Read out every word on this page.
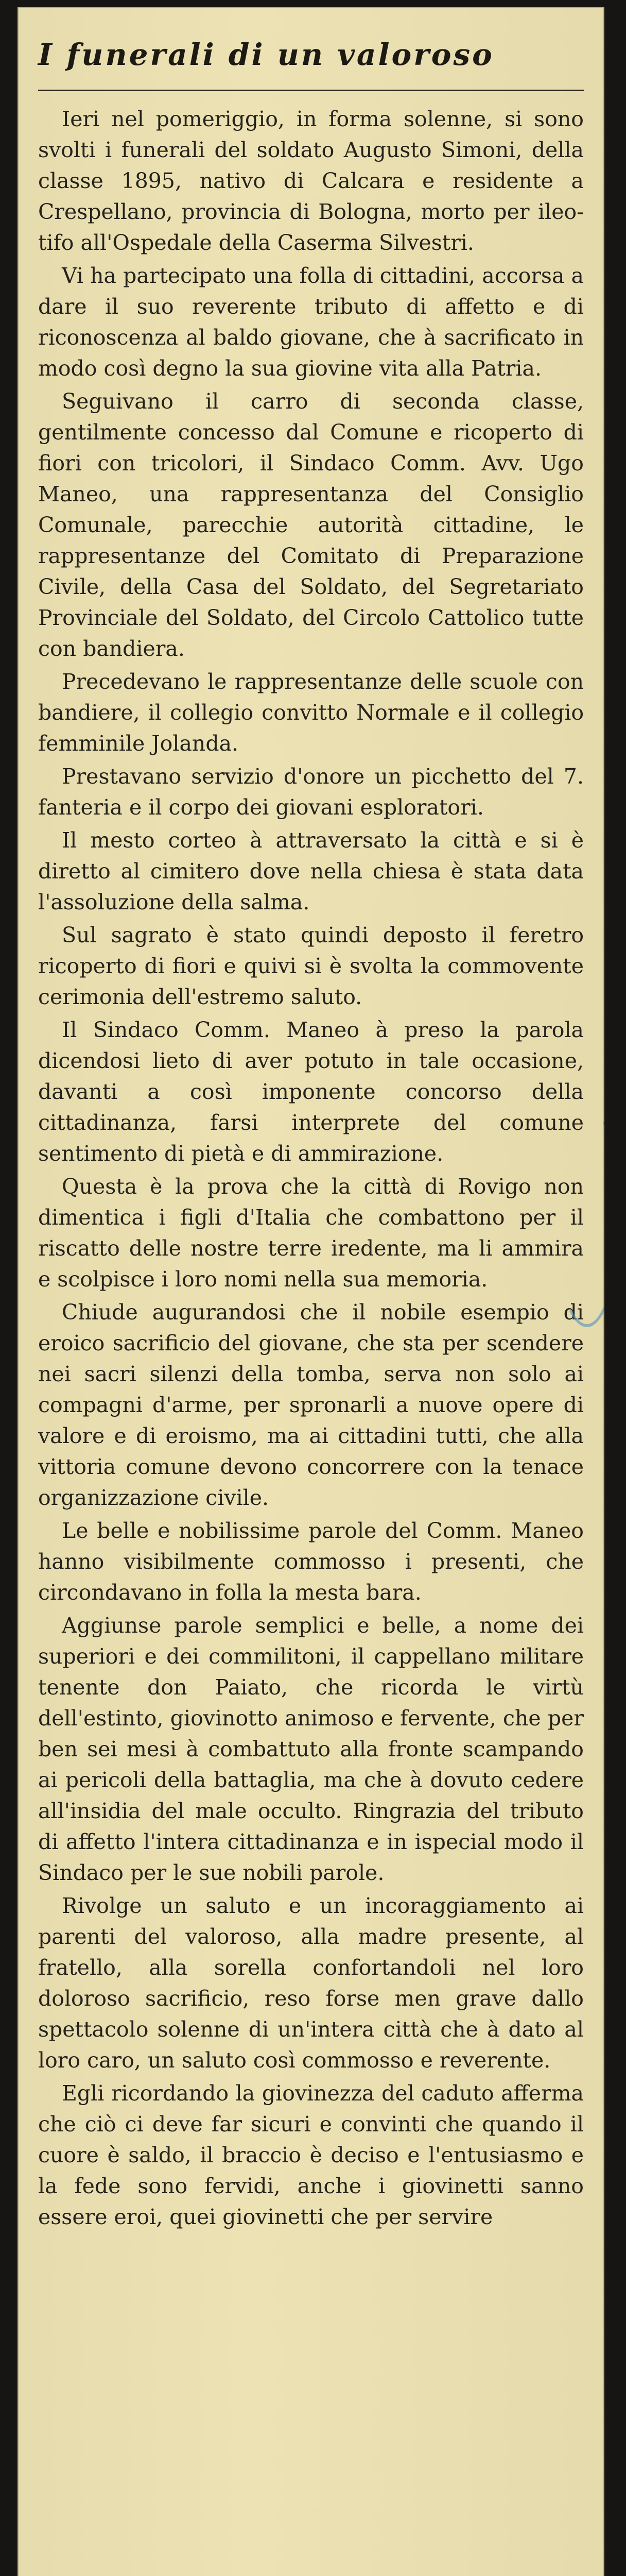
I funerali di un valoroso

Ieri nel pomeriggio, in forma solenne, si sono svolti i funerali del soldato Augusto Simoni, della classe 1895, nativo di Calcara e residente a Crespellano, provincia di Bologna, morto per ileo-tifo all'Ospedale della Caserma Silvestri.

Vi ha partecipato una folla di cittadini, accorsa a dare il suo reverente tributo di affetto e di riconoscenza al baldo giovane, che à sacrificato in modo così degno la sua giovine vita alla Patria.

Seguivano il carro di seconda classe, gentilmente concesso dal Comune e ricoperto di fiori con tricolori, il Sindaco Comm. Avv. Ugo Maneo, una rappresentanza del Consiglio Comunale, parecchie autorità cittadine, le rappresentanze del Comitato di Preparazione Civile, della Casa del Soldato, del Segretariato Provinciale del Soldato, del Circolo Cattolico tutte con bandiera.

Precedevano le rappresentanze delle scuole con bandiere, il collegio convitto Normale e il collegio femminile Jolanda.

Prestavano servizio d'onore un picchetto del 7. fanteria e il corpo dei giovani esploratori.

Il mesto corteo à attraversato la città e si è diretto al cimitero dove nella chiesa è stata data l'assoluzione della salma.

Sul sagrato è stato quindi deposto il feretro ricoperto di fiori e quivi si è svolta la commovente cerimonia dell'estremo saluto.

Il Sindaco Comm. Maneo à preso la parola dicendosi lieto di aver potuto in tale occasione, davanti a così imponente concorso della cittadinanza, farsi interprete del comune sentimento di pietà e di ammirazione.

Questa è la prova che la città di Rovigo non dimentica i figli d'Italia che combattono per il riscatto delle nostre terre iredente, ma li ammira e scolpisce i loro nomi nella sua memoria.

Chiude augurandosi che il nobile esempio di eroico sacrificio del giovane, che sta per scendere nei sacri silenzi della tomba, serva non solo ai compagni d'arme, per spronarli a nuove opere di valore e di eroismo, ma ai cittadini tutti, che alla vittoria comune devono concorrere con la tenace organizzazione civile.

Le belle e nobilissime parole del Comm. Maneo hanno visibilmente commosso i presenti, che circondavano in folla la mesta bara.

Aggiunse parole semplici e belle, a nome dei superiori e dei commilitoni, il cappellano militare tenente don Paiato, che ricorda le virtù dell'estinto, giovinotto animoso e fervente, che per ben sei mesi à combattuto alla fronte scampando ai pericoli della battaglia, ma che à dovuto cedere all'insidia del male occulto. Ringrazia del tributo di affetto l'intera cittadinanza e in ispecial modo il Sindaco per le sue nobili parole.

Rivolge un saluto e un incoraggiamento ai parenti del valoroso, alla madre presente, al fratello, alla sorella confortandoli nel loro doloroso sacrificio, reso forse men grave dallo spettacolo solenne di un'intera città che à dato al loro caro, un saluto così commosso e reverente.

Egli ricordando la giovinezza del caduto afferma che ciò ci deve far sicuri e convinti che quando il cuore è saldo, il braccio è deciso e l'entusiasmo e la fede sono fervidi, anche i giovinetti sanno essere eroi, quei giovinetti che per servire
